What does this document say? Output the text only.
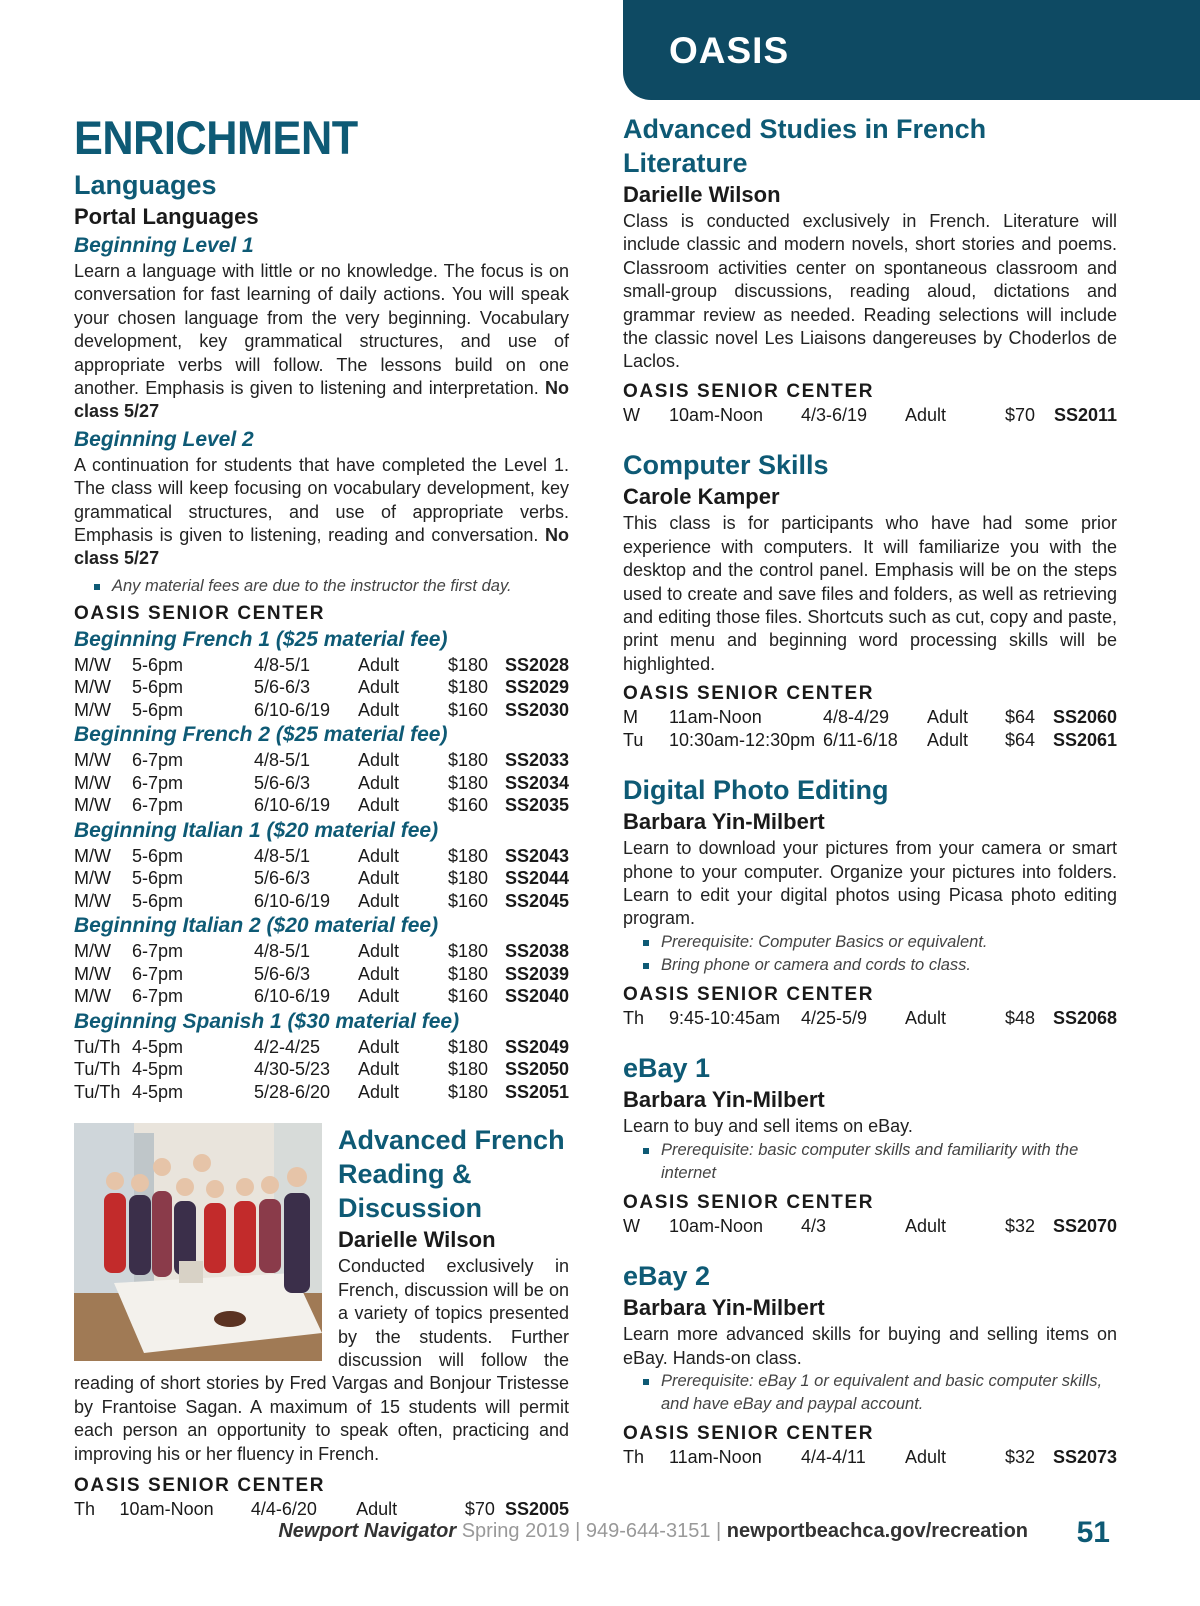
OASIS
ENRICHMENT
Languages
Portal Languages
Beginning Level 1
Learn a language with little or no knowledge. The focus is on conversation for fast learning of daily actions. You will speak your chosen language from the very beginning. Vocabulary development, key grammatical structures, and use of appropriate verbs will follow. The lessons build on one another. Emphasis is given to listening and interpretation. No class 5/27
Beginning Level 2
A continuation for students that have completed the Level 1. The class will keep focusing on vocabulary development, key grammatical structures, and use of appropriate verbs. Emphasis is given to listening, reading and conversation. No class 5/27
Any material fees are due to the instructor the first day.
OASIS SENIOR CENTER
Beginning French 1 ($25 material fee)
M/W	5-6pm	4/8-5/1	Adult	$180	SS2028
M/W	5-6pm	5/6-6/3	Adult	$180	SS2029
M/W	5-6pm	6/10-6/19	Adult	$160	SS2030
Beginning French 2 ($25 material fee)
M/W	6-7pm	4/8-5/1	Adult	$180	SS2033
M/W	6-7pm	5/6-6/3	Adult	$180	SS2034
M/W	6-7pm	6/10-6/19	Adult	$160	SS2035
Beginning Italian 1 ($20 material fee)
M/W	5-6pm	4/8-5/1	Adult	$180	SS2043
M/W	5-6pm	5/6-6/3	Adult	$180	SS2044
M/W	5-6pm	6/10-6/19	Adult	$160	SS2045
Beginning Italian 2 ($20 material fee)
M/W	6-7pm	4/8-5/1	Adult	$180	SS2038
M/W	6-7pm	5/6-6/3	Adult	$180	SS2039
M/W	6-7pm	6/10-6/19	Adult	$160	SS2040
Beginning Spanish 1 ($30 material fee)
Tu/Th	4-5pm	4/2-4/25	Adult	$180	SS2049
Tu/Th	4-5pm	4/30-5/23	Adult	$180	SS2050
Tu/Th	4-5pm	5/28-6/20	Adult	$180	SS2051
Advanced French Reading & Discussion
Darielle Wilson
Conducted exclusively in French, discussion will be on a variety of topics presented by the students. Further discussion will follow the reading of short stories by Fred Vargas and Bonjour Tristesse by Frantoise Sagan. A maximum of 15 students will permit each person an opportunity to speak often, practicing and improving his or her fluency in French.
OASIS SENIOR CENTER
Th	10am-Noon	4/4-6/20	Adult	$70	SS2005
Advanced Studies in French Literature
Darielle Wilson
Class is conducted exclusively in French. Literature will include classic and modern novels, short stories and poems. Classroom activities center on spontaneous classroom and small-group discussions, reading aloud, dictations and grammar review as needed. Reading selections will include the classic novel Les Liaisons dangereuses by Choderlos de Laclos.
OASIS SENIOR CENTER
W	10am-Noon	4/3-6/19	Adult	$70	SS2011
Computer Skills
Carole Kamper
This class is for participants who have had some prior experience with computers. It will familiarize you with the desktop and the control panel. Emphasis will be on the steps used to create and save files and folders, as well as retrieving and editing those files. Shortcuts such as cut, copy and paste, print menu and beginning word processing skills will be highlighted.
OASIS SENIOR CENTER
M	11am-Noon	4/8-4/29	Adult	$64	SS2060
Tu	10:30am-12:30pm	6/11-6/18	Adult	$64	SS2061
Digital Photo Editing
Barbara Yin-Milbert
Learn to download your pictures from your camera or smart phone to your computer. Organize your pictures into folders. Learn to edit your digital photos using Picasa photo editing program.
Prerequisite: Computer Basics or equivalent.
Bring phone or camera and cords to class.
OASIS SENIOR CENTER
Th	9:45-10:45am	4/25-5/9	Adult	$48	SS2068
eBay 1
Barbara Yin-Milbert
Learn to buy and sell items on eBay.
Prerequisite: basic computer skills and familiarity with the internet
OASIS SENIOR CENTER
W	10am-Noon	4/3	Adult	$32	SS2070
eBay 2
Barbara Yin-Milbert
Learn more advanced skills for buying and selling items on eBay. Hands-on class.
Prerequisite: eBay 1 or equivalent and basic computer skills, and have eBay and paypal account.
OASIS SENIOR CENTER
Th	11am-Noon	4/4-4/11	Adult	$32	SS2073
Newport Navigator Spring 2019 | 949-644-3151 | newportbeachca.gov/recreation 51
